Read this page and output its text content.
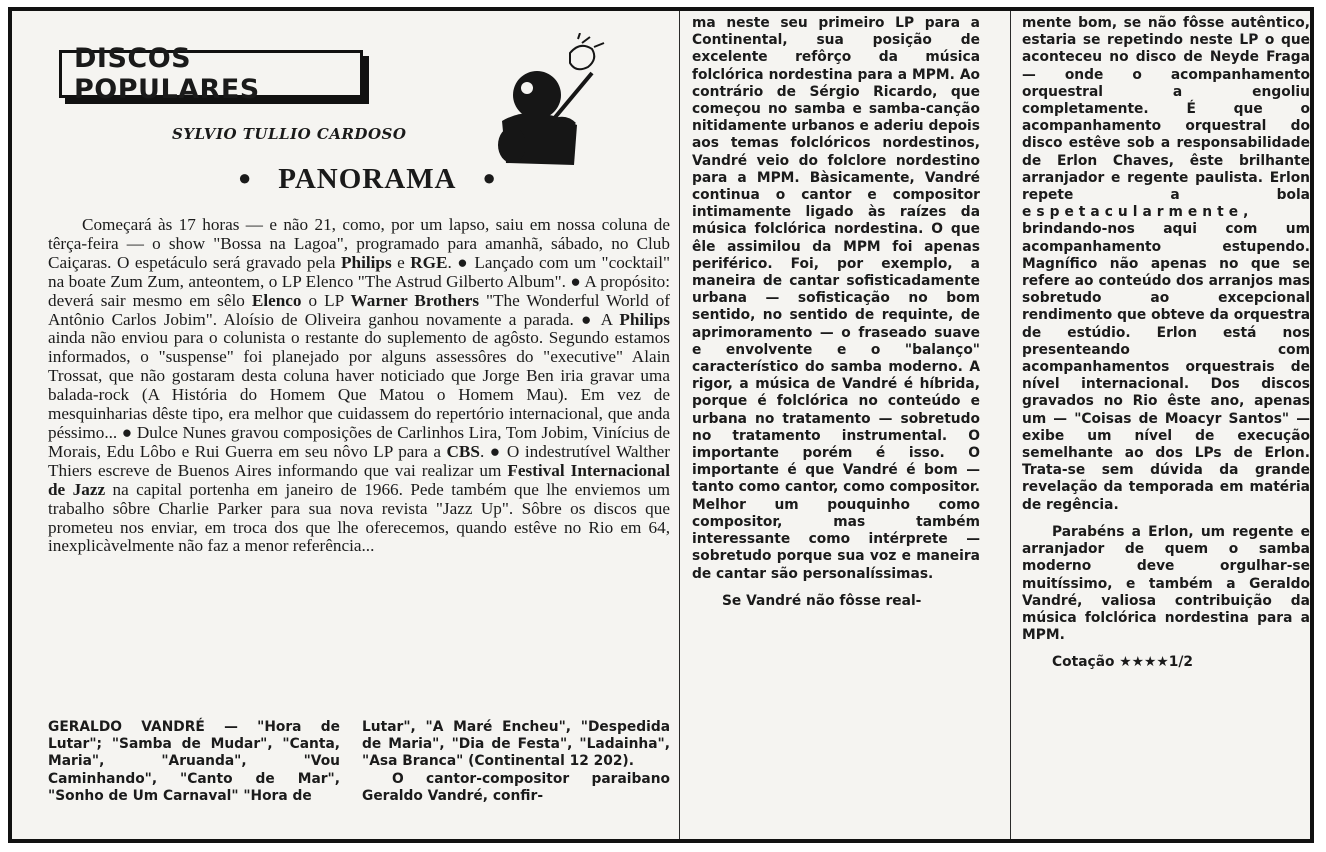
DISCOS POPULARES
SYLVIO TULLIO CARDOSO
● PANORAMA ●

Começará às 17 horas — e não 21, como, por um lapso, saiu em nossa coluna de têrça-feira — o show "Bossa na Lagoa", programado para amanhã, sábado, no Club Caiçaras. O espetáculo será gravado pela Philips e RGE. ● Lançado com um "cocktail" na boate Zum Zum, anteontem, o LP Elenco "The Astrud Gilberto Album". ● A propósito: deverá sair mesmo em sêlo Elenco o LP Warner Brothers "The Wonderful World of Antônio Carlos Jobim". Aloísio de Oliveira ganhou novamente a parada. ● A Philips ainda não enviou para o colunista o restante do suplemento de agôsto. Segundo estamos informados, o "suspense" foi planejado por alguns assessôres do "executive" Alain Trossat, que não gostaram desta coluna haver noticiado que Jorge Ben iria gravar uma balada-rock (A História do Homem Que Matou o Homem Mau). Em vez de mesquinharias dêste tipo, era melhor que cuidassem do repertório internacional, que anda péssimo... ● Dulce Nunes gravou composições de Carlinhos Lira, Tom Jobim, Vinícius de Morais, Edu Lôbo e Rui Guerra em seu nôvo LP para a CBS. ● O indestrutível Walther Thiers escreve de Buenos Aires informando que vai realizar um Festival Internacional de Jazz na capital portenha em janeiro de 1966. Pede também que lhe enviemos um trabalho sôbre Charlie Parker para sua nova revista "Jazz Up". Sôbre os discos que prometeu nos enviar, em troca dos que lhe oferecemos, quando estêve no Rio em 64, inexplicàvelmente não faz a menor referência...

GERALDO VANDRÉ — "Hora de Lutar"; "Samba de Mudar", "Canta, Maria", "Aruanda", "Vou Caminhando", "Canto de Mar", "Sonho de Um Carnaval" "Hora de

Lutar", "A Maré Encheu", "Despedida de Maria", "Dia de Festa", "Ladainha", "Asa Branca" (Continental 12 202).

O cantor-compositor paraibano Geraldo Vandré, confir-

ma neste seu primeiro LP para a Continental, sua posição de excelente refôrço da música folclórica nordestina para a MPM. Ao contrário de Sérgio Ricardo, que começou no samba e samba-canção nitidamente urbanos e aderiu depois aos temas folclóricos nordestinos, Vandré veio do folclore nordestino para a MPM. Bàsicamente, Vandré continua o cantor e compositor intimamente ligado às raízes da música folclórica nordestina. O que êle assimilou da MPM foi apenas periférico. Foi, por exemplo, a maneira de cantar sofisticadamente urbana — sofisticação no bom sentido, no sentido de requinte, de aprimoramento — o fraseado suave e envolvente e o "balanço" característico do samba moderno. A rigor, a música de Vandré é híbrida, porque é folclórica no conteúdo e urbana no tratamento — sobretudo no tratamento instrumental. O importante porém é isso. O importante é que Vandré é bom — tanto como cantor, como compositor. Melhor um pouquinho como compositor, mas também interessante como intérprete — sobretudo porque sua voz e maneira de cantar são personalíssimas.

Se Vandré não fôsse real-

mente bom, se não fôsse autêntico, estaria se repetindo neste LP o que aconteceu no disco de Neyde Fraga — onde o acompanhamento orquestral a engoliu completamente. É que o acompanhamento orquestral do disco estêve sob a responsabilidade de Erlon Chaves, êste brilhante arranjador e regente paulista. Erlon repete a bola espetacularmente, brindando-nos aqui com um acompanhamento estupendo. Magnífico não apenas no que se refere ao conteúdo dos arranjos mas sobretudo ao excepcional rendimento que obteve da orquestra de estúdio. Erlon está nos presenteando com acompanhamentos orquestrais de nível internacional. Dos discos gravados no Rio êste ano, apenas um — "Coisas de Moacyr Santos" — exibe um nível de execução semelhante ao dos LPs de Erlon. Trata-se sem dúvida da grande revelação da temporada em matéria de regência.

Parabéns a Erlon, um regente e arranjador de quem o samba moderno deve orgulhar-se muitíssimo, e também a Geraldo Vandré, valiosa contribuição da música folclórica nordestina para a MPM.

Cotação ★★★★1/2
